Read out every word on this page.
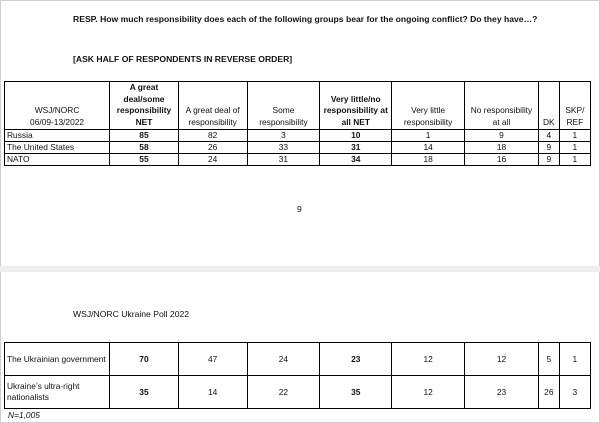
RESP. How much responsibility does each of the following groups bear for the ongoing conflict? Do they have…?
[ASK HALF OF RESPONDENTS IN REVERSE ORDER]
WSJ/NORC
06/09-13/2022	A great deal/some responsibility NET	A great deal of responsibility	Some responsibility	Very little/no responsibility at all NET	Very little responsibility	No responsibility at all	DK	SKP/ REF
Russia	85	82	3	10	1	9	4	1
The United States	58	26	33	31	14	18	9	1
NATO	55	24	31	34	18	16	9	1
9
WSJ/NORC Ukraine Poll 2022
The Ukrainian government	70	47	24	23	12	12	5	1
Ukraine’s ultra-right nationalists	35	14	22	35	12	23	26	3
N=1,005
